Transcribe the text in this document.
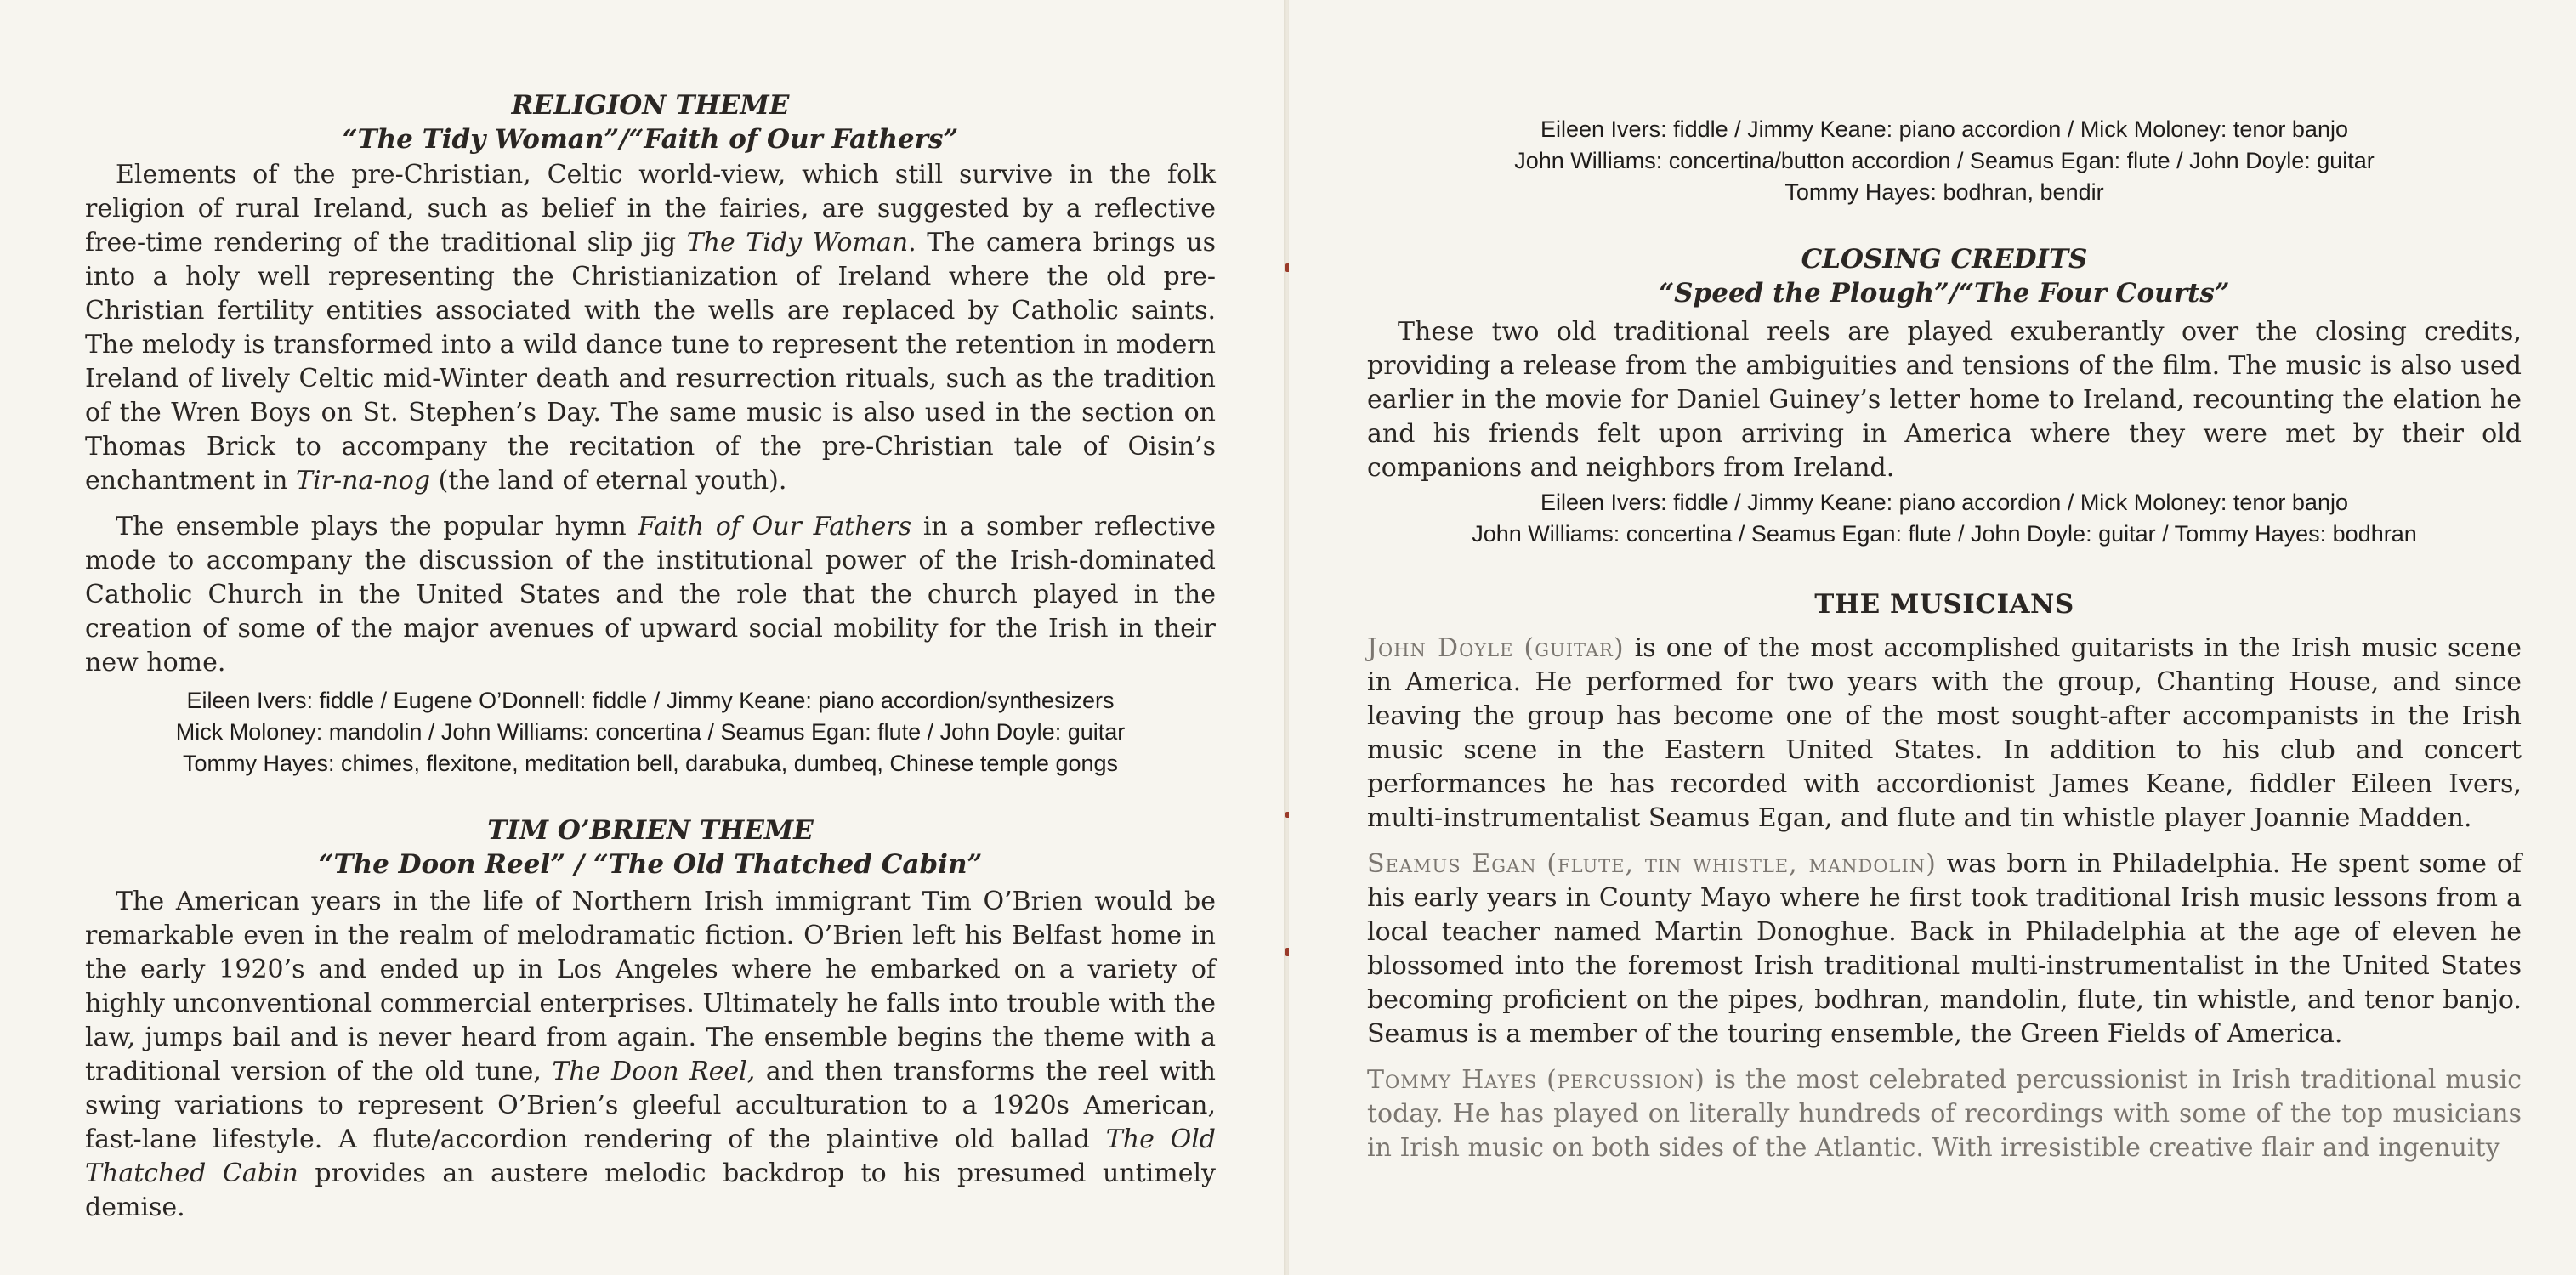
RELIGION THEME
“The Tidy Woman”/“Faith of Our Fathers”

Elements of the pre-Christian, Celtic world-view, which still survive in the folk religion of rural Ireland, such as belief in the fairies, are suggested by a reflective free-time rendering of the traditional slip jig The Tidy Woman. The camera brings us into a holy well representing the Christianization of Ireland where the old pre-Christian fertility entities associated with the wells are replaced by Catholic saints. The melody is transformed into a wild dance tune to represent the retention in modern Ireland of lively Celtic mid-Winter death and resurrection rituals, such as the tradition of the Wren Boys on St. Stephen’s Day. The same music is also used in the section on Thomas Brick to accompany the recitation of the pre-Christian tale of Oisin’s enchantment in Tir-na-nog (the land of eternal youth).

The ensemble plays the popular hymn Faith of Our Fathers in a somber reflective mode to accompany the discussion of the institutional power of the Irish-dominated Catholic Church in the United States and the role that the church played in the creation of some of the major avenues of upward social mobility for the Irish in their new home.

Eileen Ivers: fiddle / Eugene O’Donnell: fiddle / Jimmy Keane: piano accordion/synthesizers

Mick Moloney: mandolin / John Williams: concertina / Seamus Egan: flute / John Doyle: guitar

Tommy Hayes: chimes, flexitone, meditation bell, darabuka, dumbeq, Chinese temple gongs

TIM O’BRIEN THEME
“The Doon Reel” / “The Old Thatched Cabin”

The American years in the life of Northern Irish immigrant Tim O’Brien would be remarkable even in the realm of melodramatic fiction. O’Brien left his Belfast home in the early 1920’s and ended up in Los Angeles where he embarked on a variety of highly unconventional commercial enterprises. Ultimately he falls into trouble with the law, jumps bail and is never heard from again. The ensemble begins the theme with a traditional version of the old tune, The Doon Reel, and then transforms the reel with swing variations to represent O’Brien’s gleeful acculturation to a 1920s American, fast-lane lifestyle. A flute/accordion rendering of the plaintive old ballad The Old Thatched Cabin provides an austere melodic backdrop to his presumed untimely demise.

Eileen Ivers: fiddle / Jimmy Keane: piano accordion / Mick Moloney: tenor banjo

John Williams: concertina/button accordion / Seamus Egan: flute / John Doyle: guitar

Tommy Hayes: bodhran, bendir

CLOSING CREDITS
“Speed the Plough”/“The Four Courts”

These two old traditional reels are played exuberantly over the closing credits, providing a release from the ambiguities and tensions of the film. The music is also used earlier in the movie for Daniel Guiney’s letter home to Ireland, recounting the elation he and his friends felt upon arriving in America where they were met by their old companions and neighbors from Ireland.

Eileen Ivers: fiddle / Jimmy Keane: piano accordion / Mick Moloney: tenor banjo

John Williams: concertina / Seamus Egan: flute / John Doyle: guitar / Tommy Hayes: bodhran

THE MUSICIANS

John Doyle (guitar) is one of the most accomplished guitarists in the Irish music scene in America. He performed for two years with the group, Chanting House, and since leaving the group has become one of the most sought-after accompanists in the Irish music scene in the Eastern United States. In addition to his club and concert performances he has recorded with accordionist James Keane, fiddler Eileen Ivers, multi-instrumentalist Seamus Egan, and flute and tin whistle player Joannie Madden.

Seamus Egan (flute, tin whistle, mandolin) was born in Philadelphia. He spent some of his early years in County Mayo where he first took traditional Irish music lessons from a local teacher named Martin Donoghue. Back in Philadelphia at the age of eleven he blossomed into the foremost Irish traditional multi-instrumentalist in the United States becoming proficient on the pipes, bodhran, mandolin, flute, tin whistle, and tenor banjo. Seamus is a member of the touring ensemble, the Green Fields of America.

Tommy Hayes (percussion) is the most celebrated percussionist in Irish traditional music today. He has played on literally hundreds of recordings with some of the top musicians in Irish music on both sides of the Atlantic. With irresistible creative flair and ingenuity
